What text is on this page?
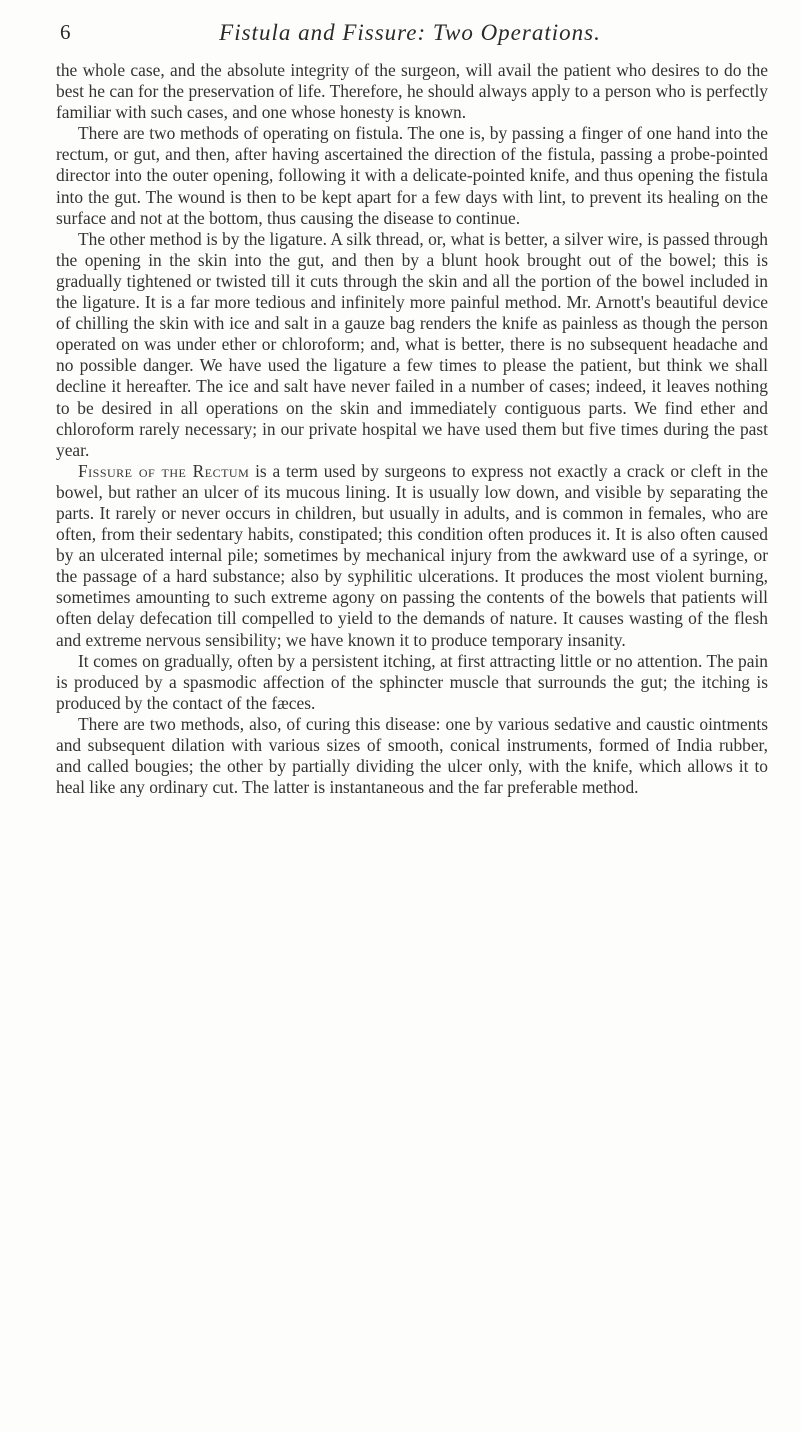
6	Fistula and Fissure: Two Operations.

the whole case, and the absolute integrity of the surgeon, will avail the patient who desires to do the best he can for the preservation of life. Therefore, he should always apply to a person who is perfectly familiar with such cases, and one whose honesty is known.

There are two methods of operating on fistula. The one is, by passing a finger of one hand into the rectum, or gut, and then, after having ascertained the direction of the fistula, passing a probe-pointed director into the outer opening, following it with a delicate-pointed knife, and thus opening the fistula into the gut. The wound is then to be kept apart for a few days with lint, to prevent its healing on the surface and not at the bottom, thus causing the disease to continue.

The other method is by the ligature. A silk thread, or, what is better, a silver wire, is passed through the opening in the skin into the gut, and then by a blunt hook brought out of the bowel; this is gradually tightened or twisted till it cuts through the skin and all the portion of the bowel included in the ligature. It is a far more tedious and infinitely more painful method. Mr. Arnott's beautiful device of chilling the skin with ice and salt in a gauze bag renders the knife as painless as though the person operated on was under ether or chloroform; and, what is better, there is no subsequent headache and no possible danger. We have used the ligature a few times to please the patient, but think we shall decline it hereafter. The ice and salt have never failed in a number of cases; indeed, it leaves nothing to be desired in all operations on the skin and immediately contiguous parts. We find ether and chloroform rarely necessary; in our private hospital we have used them but five times during the past year.

Fissure of the Rectum is a term used by surgeons to express not exactly a crack or cleft in the bowel, but rather an ulcer of its mucous lining. It is usually low down, and visible by separating the parts. It rarely or never occurs in children, but usually in adults, and is common in females, who are often, from their sedentary habits, constipated; this condition often produces it. It is also often caused by an ulcerated internal pile; sometimes by mechanical injury from the awkward use of a syringe, or the passage of a hard substance; also by syphilitic ulcerations. It produces the most violent burning, sometimes amounting to such extreme agony on passing the contents of the bowels that patients will often delay defecation till compelled to yield to the demands of nature. It causes wasting of the flesh and extreme nervous sensibility; we have known it to produce temporary insanity.

It comes on gradually, often by a persistent itching, at first attracting little or no attention. The pain is produced by a spasmodic affection of the sphincter muscle that surrounds the gut; the itching is produced by the contact of the fæces.

There are two methods, also, of curing this disease: one by various sedative and caustic ointments and subsequent dilation with various sizes of smooth, conical instruments, formed of India rubber, and called bougies; the other by partially dividing the ulcer only, with the knife, which allows it to heal like any ordinary cut. The latter is instantaneous and the far preferable method.
